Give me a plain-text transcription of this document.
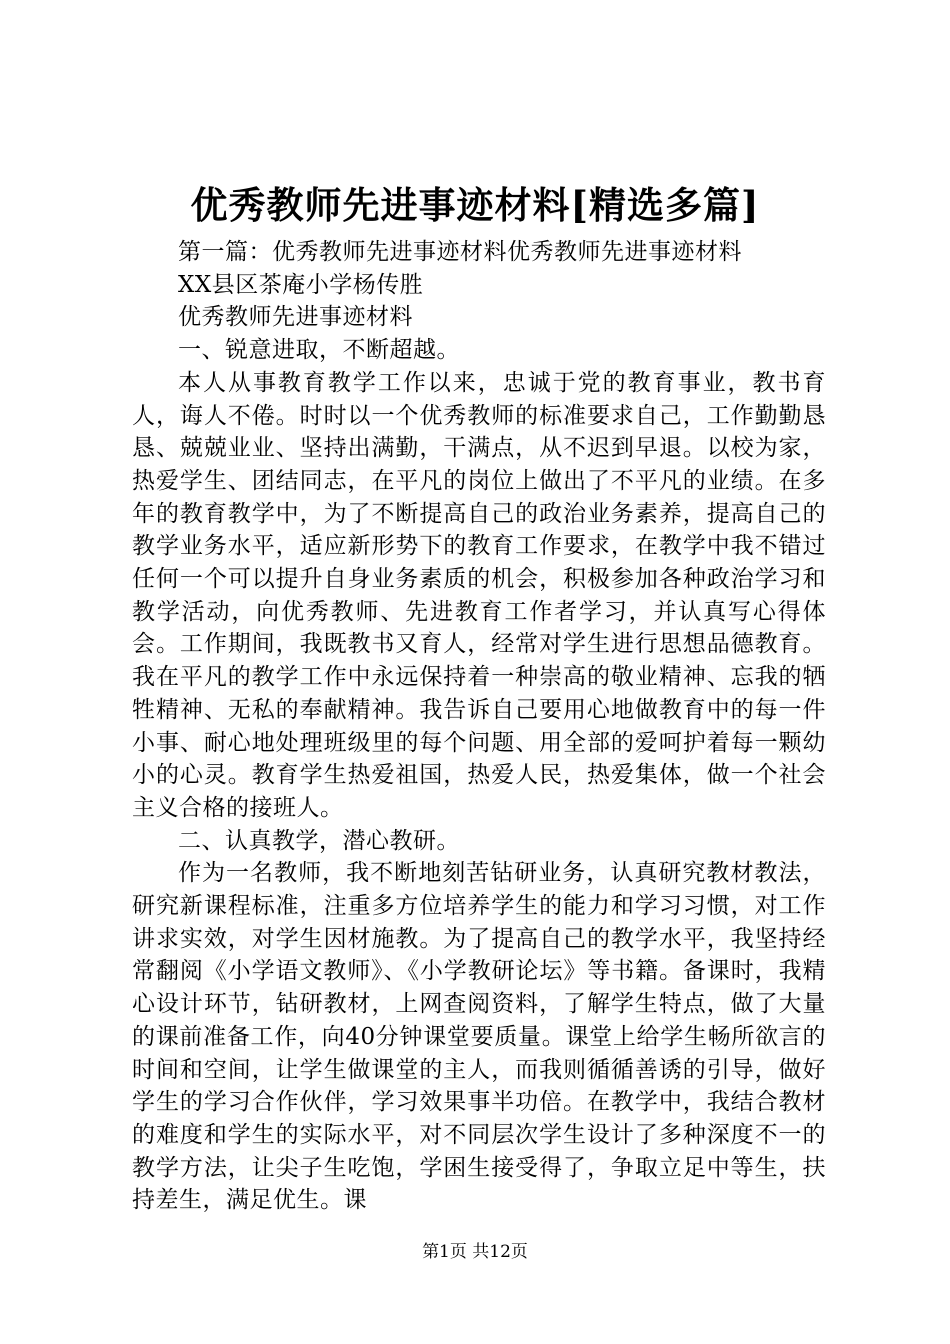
优秀教师先进事迹材料[精选多篇]

第一篇：优秀教师先进事迹材料优秀教师先进事迹材料

XX县区茶庵小学杨传胜

优秀教师先进事迹材料

一、锐意进取，不断超越。

本人从事教育教学工作以来，忠诚于党的教育事业，教书育人，诲人不倦。时时以一个优秀教师的标准要求自己，工作勤勤恳恳、兢兢业业、坚持出满勤，干满点，从不迟到早退。以校为家，热爱学生、团结同志，在平凡的岗位上做出了不平凡的业绩。在多年的教育教学中，为了不断提高自己的政治业务素养，提高自己的教学业务水平，适应新形势下的教育工作要求，在教学中我不错过任何一个可以提升自身业务素质的机会，积极参加各种政治学习和教学活动，向优秀教师、先进教育工作者学习，并认真写心得体会。工作期间，我既教书又育人，经常对学生进行思想品德教育。我在平凡的教学工作中永远保持着一种崇高的敬业精神、忘我的牺牲精神、无私的奉献精神。我告诉自己要用心地做教育中的每一件小事、耐心地处理班级里的每个问题、用全部的爱呵护着每一颗幼小的心灵。教育学生热爱祖国，热爱人民，热爱集体，做一个社会主义合格的接班人。

二、认真教学，潜心教研。

作为一名教师，我不断地刻苦钻研业务，认真研究教材教法，研究新课程标准，注重多方位培养学生的能力和学习习惯，对工作讲求实效，对学生因材施教。为了提高自己的教学水平，我坚持经常翻阅《小学语文教师》、《小学教研论坛》等书籍。备课时，我精心设计环节，钻研教材，上网查阅资料，了解学生特点，做了大量的课前准备工作，向40分钟课堂要质量。课堂上给学生畅所欲言的时间和空间，让学生做课堂的主人，而我则循循善诱的引导，做好学生的学习合作伙伴，学习效果事半功倍。在教学中，我结合教材的难度和学生的实际水平，对不同层次学生设计了多种深度不一的教学方法，让尖子生吃饱，学困生接受得了，争取立足中等生，扶持差生，满足优生。课

第1页 共12页
